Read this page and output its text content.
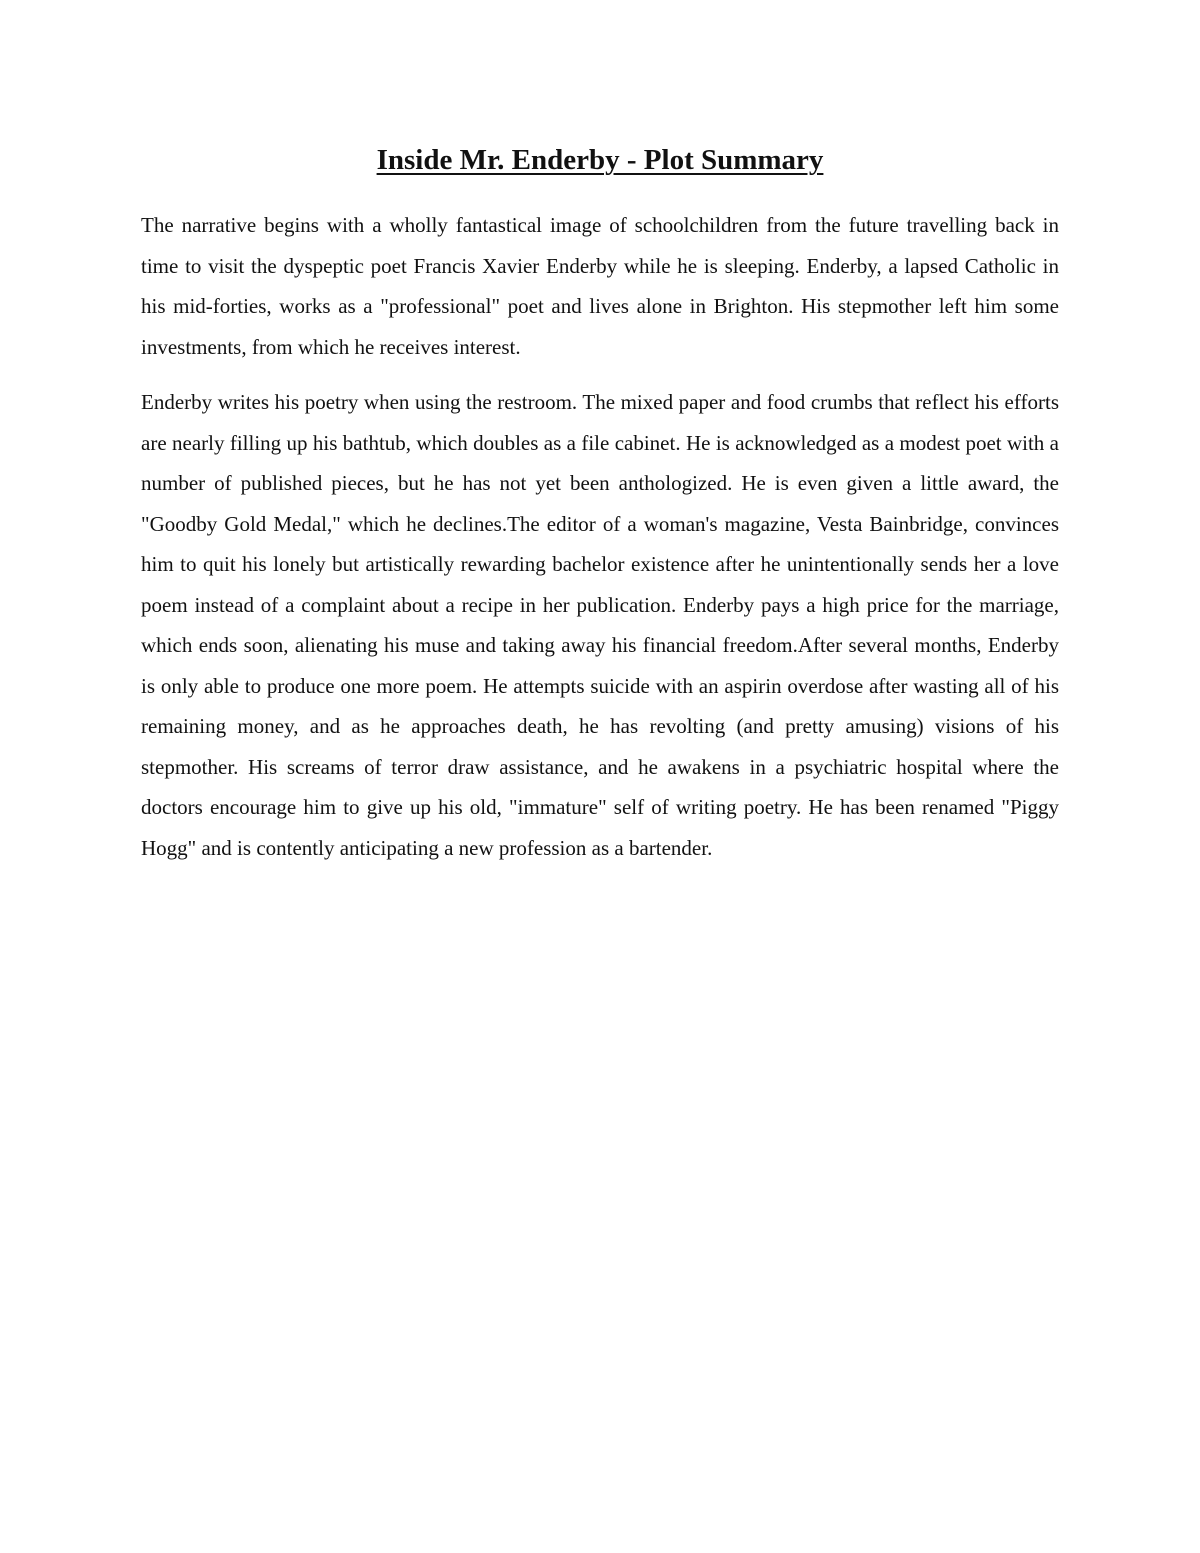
Inside Mr. Enderby - Plot Summary

The narrative begins with a wholly fantastical image of schoolchildren from the future travelling back in time to visit the dyspeptic poet Francis Xavier Enderby while he is sleeping. Enderby, a lapsed Catholic in his mid-forties, works as a "professional" poet and lives alone in Brighton. His stepmother left him some investments, from which he receives interest.

Enderby writes his poetry when using the restroom. The mixed paper and food crumbs that reflect his efforts are nearly filling up his bathtub, which doubles as a file cabinet. He is acknowledged as a modest poet with a number of published pieces, but he has not yet been anthologized. He is even given a little award, the "Goodby Gold Medal," which he declines.The editor of a woman's magazine, Vesta Bainbridge, convinces him to quit his lonely but artistically rewarding bachelor existence after he unintentionally sends her a love poem instead of a complaint about a recipe in her publication. Enderby pays a high price for the marriage, which ends soon, alienating his muse and taking away his financial freedom.After several months, Enderby is only able to produce one more poem. He attempts suicide with an aspirin overdose after wasting all of his remaining money, and as he approaches death, he has revolting (and pretty amusing) visions of his stepmother. His screams of terror draw assistance, and he awakens in a psychiatric hospital where the doctors encourage him to give up his old, "immature" self of writing poetry. He has been renamed "Piggy Hogg" and is contently anticipating a new profession as a bartender.
